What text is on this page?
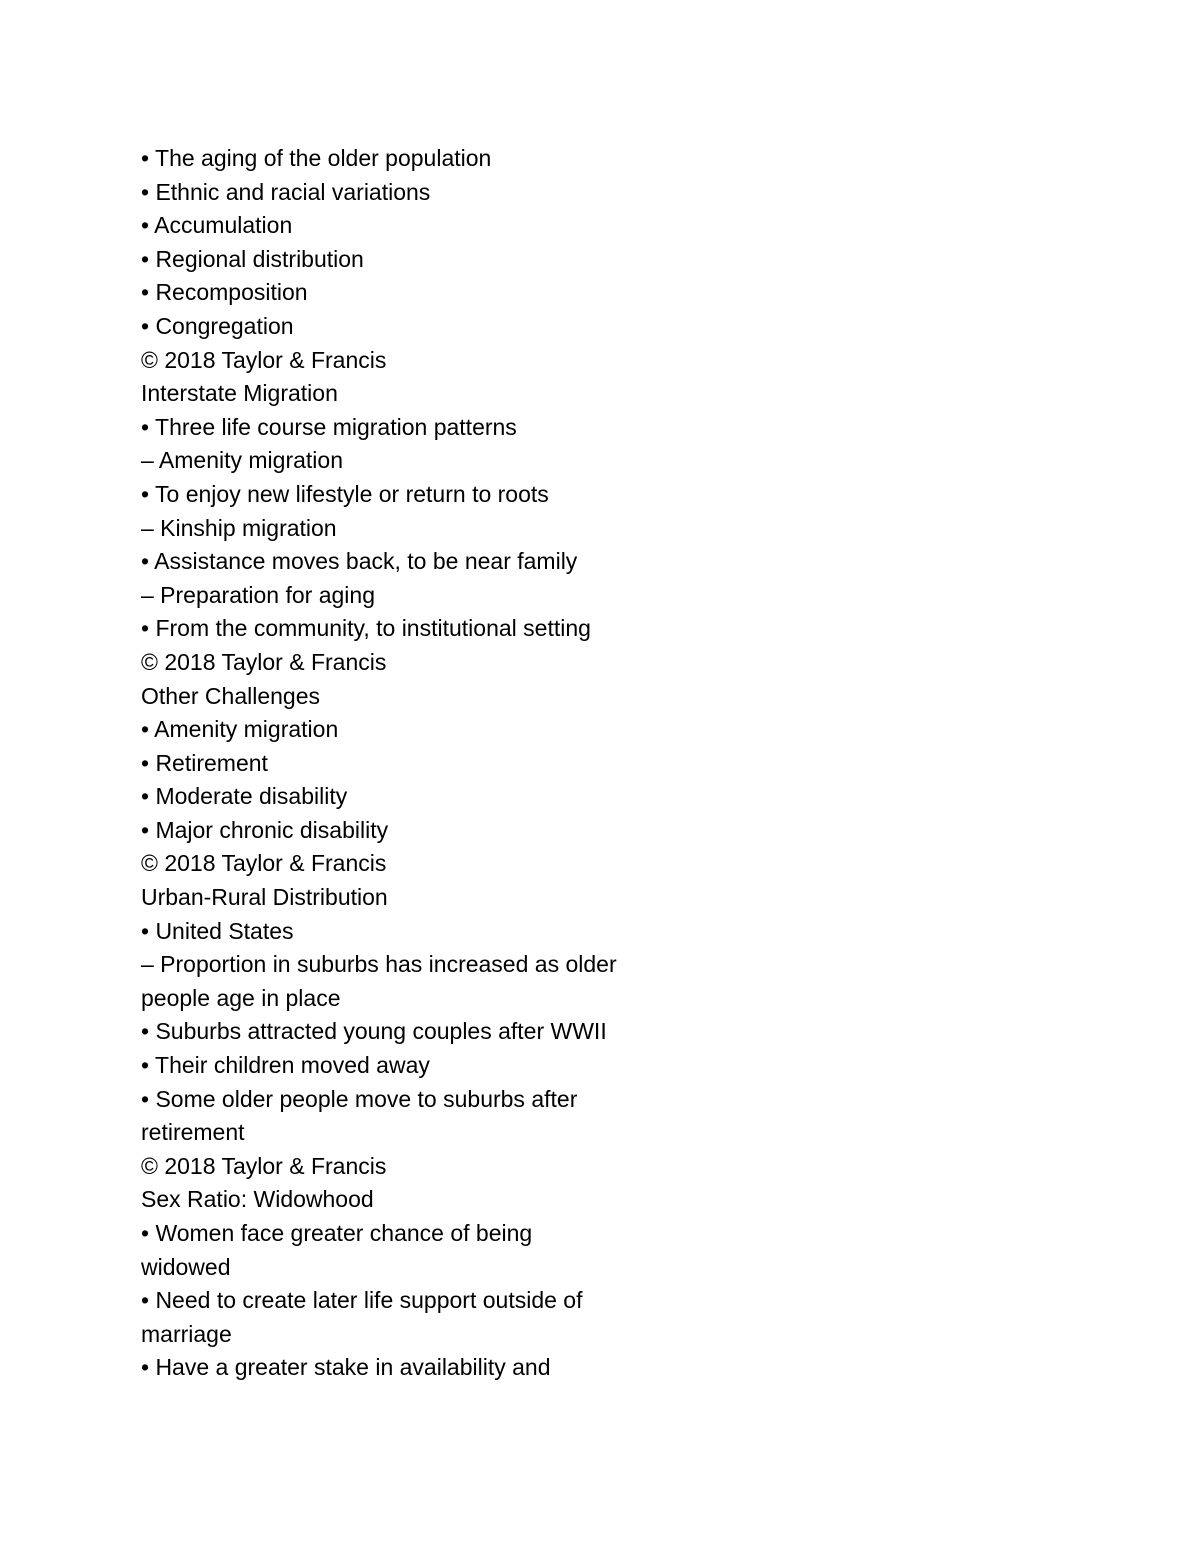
• The aging of the older population
• Ethnic and racial variations
• Accumulation
• Regional distribution
• Recomposition
• Congregation
© 2018 Taylor & Francis
Interstate Migration
• Three life course migration patterns
– Amenity migration
• To enjoy new lifestyle or return to roots
– Kinship migration
• Assistance moves back, to be near family
– Preparation for aging
• From the community, to institutional setting
© 2018 Taylor & Francis
Other Challenges
• Amenity migration
• Retirement
• Moderate disability
• Major chronic disability
© 2018 Taylor & Francis
Urban-Rural Distribution
• United States
– Proportion in suburbs has increased as older
people age in place
• Suburbs attracted young couples after WWII
• Their children moved away
• Some older people move to suburbs after
retirement
© 2018 Taylor & Francis
Sex Ratio: Widowhood
• Women face greater chance of being
widowed
• Need to create later life support outside of
marriage
• Have a greater stake in availability and
